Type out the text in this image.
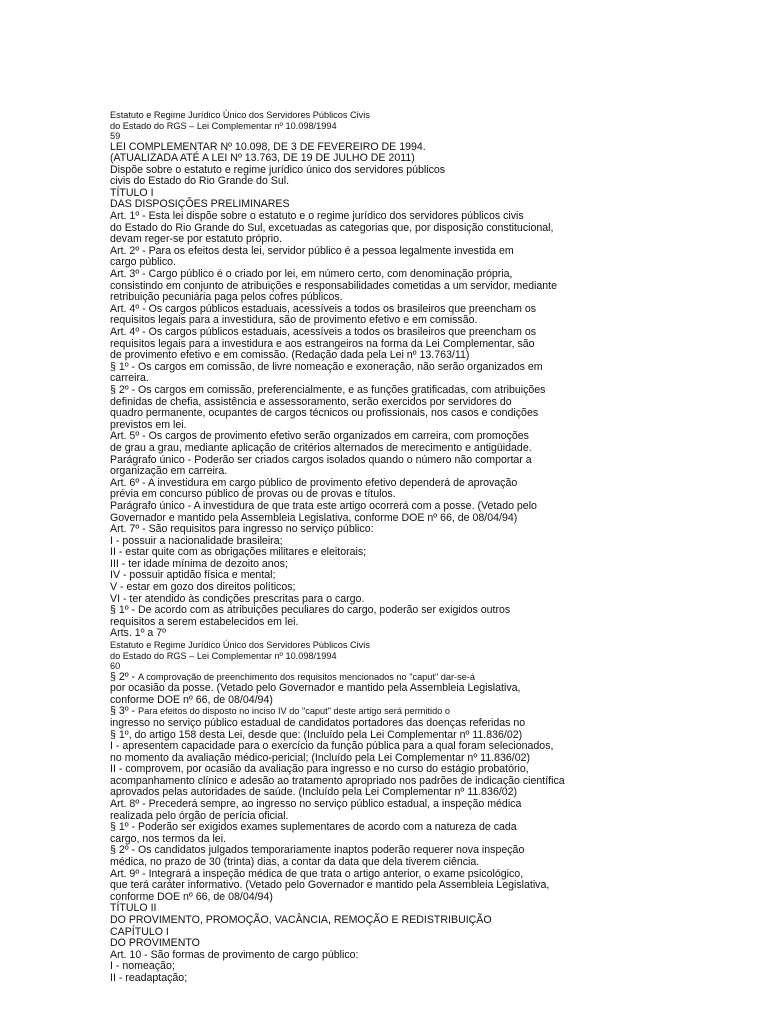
Estatuto e Regime Jurídico Único dos Servidores Públicos Civis
do Estado do RGS – Lei Complementar nº 10.098/1994
59
LEI COMPLEMENTAR Nº 10.098, DE 3 DE FEVEREIRO DE 1994.
(ATUALIZADA ATÉ A LEI Nº 13.763, DE 19 DE JULHO DE 2011)
Dispõe sobre o estatuto e regime jurídico único dos servidores públicos
civis do Estado do Rio Grande do Sul.
TÍTULO I
DAS DISPOSIÇÕES PRELIMINARES
Art. 1º - Esta lei dispõe sobre o estatuto e o regime jurídico dos servidores públicos civis
do Estado do Rio Grande do Sul, excetuadas as categorias que, por disposição constitucional,
devam reger-se por estatuto próprio.
Art. 2º - Para os efeitos desta lei, servidor público é a pessoa legalmente investida em
cargo público.
Art. 3º - Cargo público é o criado por lei, em número certo, com denominação própria,
consistindo em conjunto de atribuições e responsabilidades cometidas a um servidor, mediante
retribuição pecuniária paga pelos cofres públicos.
Art. 4º - Os cargos públicos estaduais, acessíveis a todos os brasileiros que preencham os
requisitos legais para a investidura, são de provimento efetivo e em comissão.
Art. 4º - Os cargos públicos estaduais, acessíveis a todos os brasileiros que preencham os
requisitos legais para a investidura e aos estrangeiros na forma da Lei Complementar, são
de provimento efetivo e em comissão. (Redação dada pela Lei nº 13.763/11)
§ 1º - Os cargos em comissão, de livre nomeação e exoneração, não serão organizados em
carreira.
§ 2º - Os cargos em comissão, preferencialmente, e as funções gratificadas, com atribuições
definidas de chefia, assistência e assessoramento, serão exercidos por servidores do
quadro permanente, ocupantes de cargos técnicos ou profissionais, nos casos e condições
previstos em lei.
Art. 5º - Os cargos de provimento efetivo serão organizados em carreira, com promoções
de grau a grau, mediante aplicação de critérios alternados de merecimento e antigüidade.
Parágrafo único - Poderão ser criados cargos isolados quando o número não comportar a
organização em carreira.
Art. 6º - A investidura em cargo público de provimento efetivo dependerá de aprovação
prévia em concurso público de provas ou de provas e títulos.
Parágrafo único - A investidura de que trata este artigo ocorrerá com a posse. (Vetado pelo
Governador e mantido pela Assembleia Legislativa, conforme DOE nº 66, de 08/04/94)
Art. 7º - São requisitos para ingresso no serviço público:
I - possuir a nacionalidade brasileira;
II - estar quite com as obrigações militares e eleitorais;
III - ter idade mínima de dezoito anos;
IV - possuir aptidão física e mental;
V - estar em gozo dos direitos políticos;
VI - ter atendido às condições prescritas para o cargo.
§ 1º - De acordo com as atribuições peculiares do cargo, poderão ser exigidos outros
requisitos a serem estabelecidos em lei.
Arts. 1º a 7º
Estatuto e Regime Jurídico Único dos Servidores Públicos Civis
do Estado do RGS – Lei Complementar nº 10.098/1994
60
§ 2º - A comprovação de preenchimento dos requisitos mencionados no "caput" dar-se-á
por ocasião da posse. (Vetado pelo Governador e mantido pela Assembleia Legislativa,
conforme DOE nº 66, de 08/04/94)
§ 3º - Para efeitos do disposto no inciso IV do "caput" deste artigo será permitido o
ingresso no serviço público estadual de candidatos portadores das doenças referidas no
§ 1º, do artigo 158 desta Lei, desde que: (Incluído pela Lei Complementar nº 11.836/02)
I - apresentem capacidade para o exercício da função pública para a qual foram selecionados,
no momento da avaliação médico-pericial; (Incluído pela Lei Complementar nº 11.836/02)
II - comprovem, por ocasião da avaliação para ingresso e no curso do estágio probatório,
acompanhamento clínico e adesão ao tratamento apropriado nos padrões de indicação científica
aprovados pelas autoridades de saúde. (Incluído pela Lei Complementar nº 11.836/02)
Art. 8º - Precederá sempre, ao ingresso no serviço público estadual, a inspeção médica
realizada pelo órgão de perícia oficial.
§ 1º - Poderão ser exigidos exames suplementares de acordo com a natureza de cada
cargo, nos termos da lei.
§ 2º - Os candidatos julgados temporariamente inaptos poderão requerer nova inspeção
médica, no prazo de 30 (trinta) dias, a contar da data que dela tiverem ciência.
Art. 9º - Integrará a inspeção médica de que trata o artigo anterior, o exame psicológico,
que terá caráter informativo. (Vetado pelo Governador e mantido pela Assembleia Legislativa,
conforme DOE nº 66, de 08/04/94)
TÍTULO II
DO PROVIMENTO, PROMOÇÃO, VACÂNCIA, REMOÇÃO E REDISTRIBUIÇÃO
CAPÍTULO I
DO PROVIMENTO
Art. 10 - São formas de provimento de cargo público:
I - nomeação;
II - readaptação;
